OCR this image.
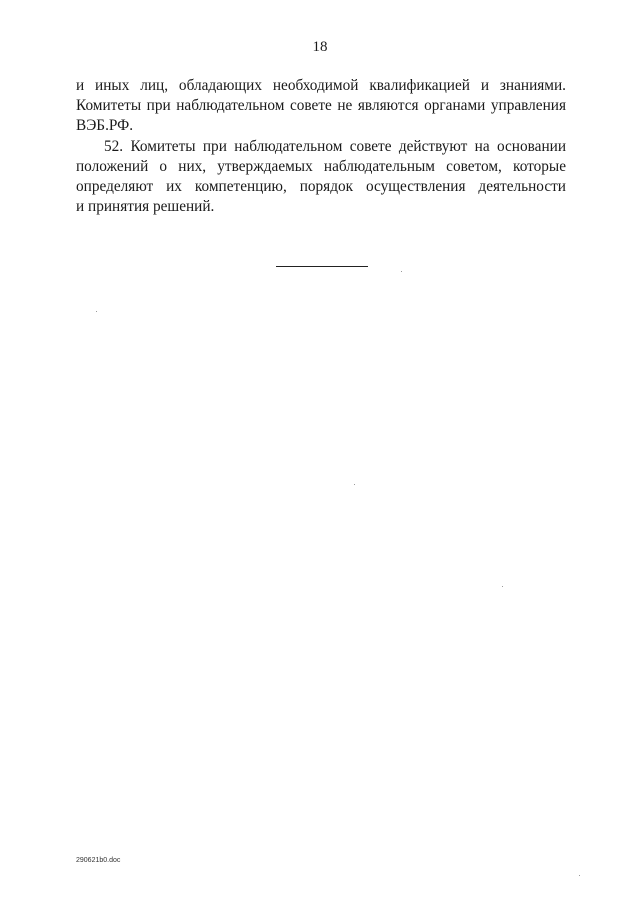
18
и иных лиц, обладающих необходимой квалификацией и знаниями.
Комитеты при наблюдательном совете не являются органами управления
ВЭБ.РФ.
52. Комитеты при наблюдательном совете действуют на основании
положений о них, утверждаемых наблюдательным советом, которые
определяют их компетенцию, порядок осуществления деятельности
и принятия решений.
290621b0.doc
